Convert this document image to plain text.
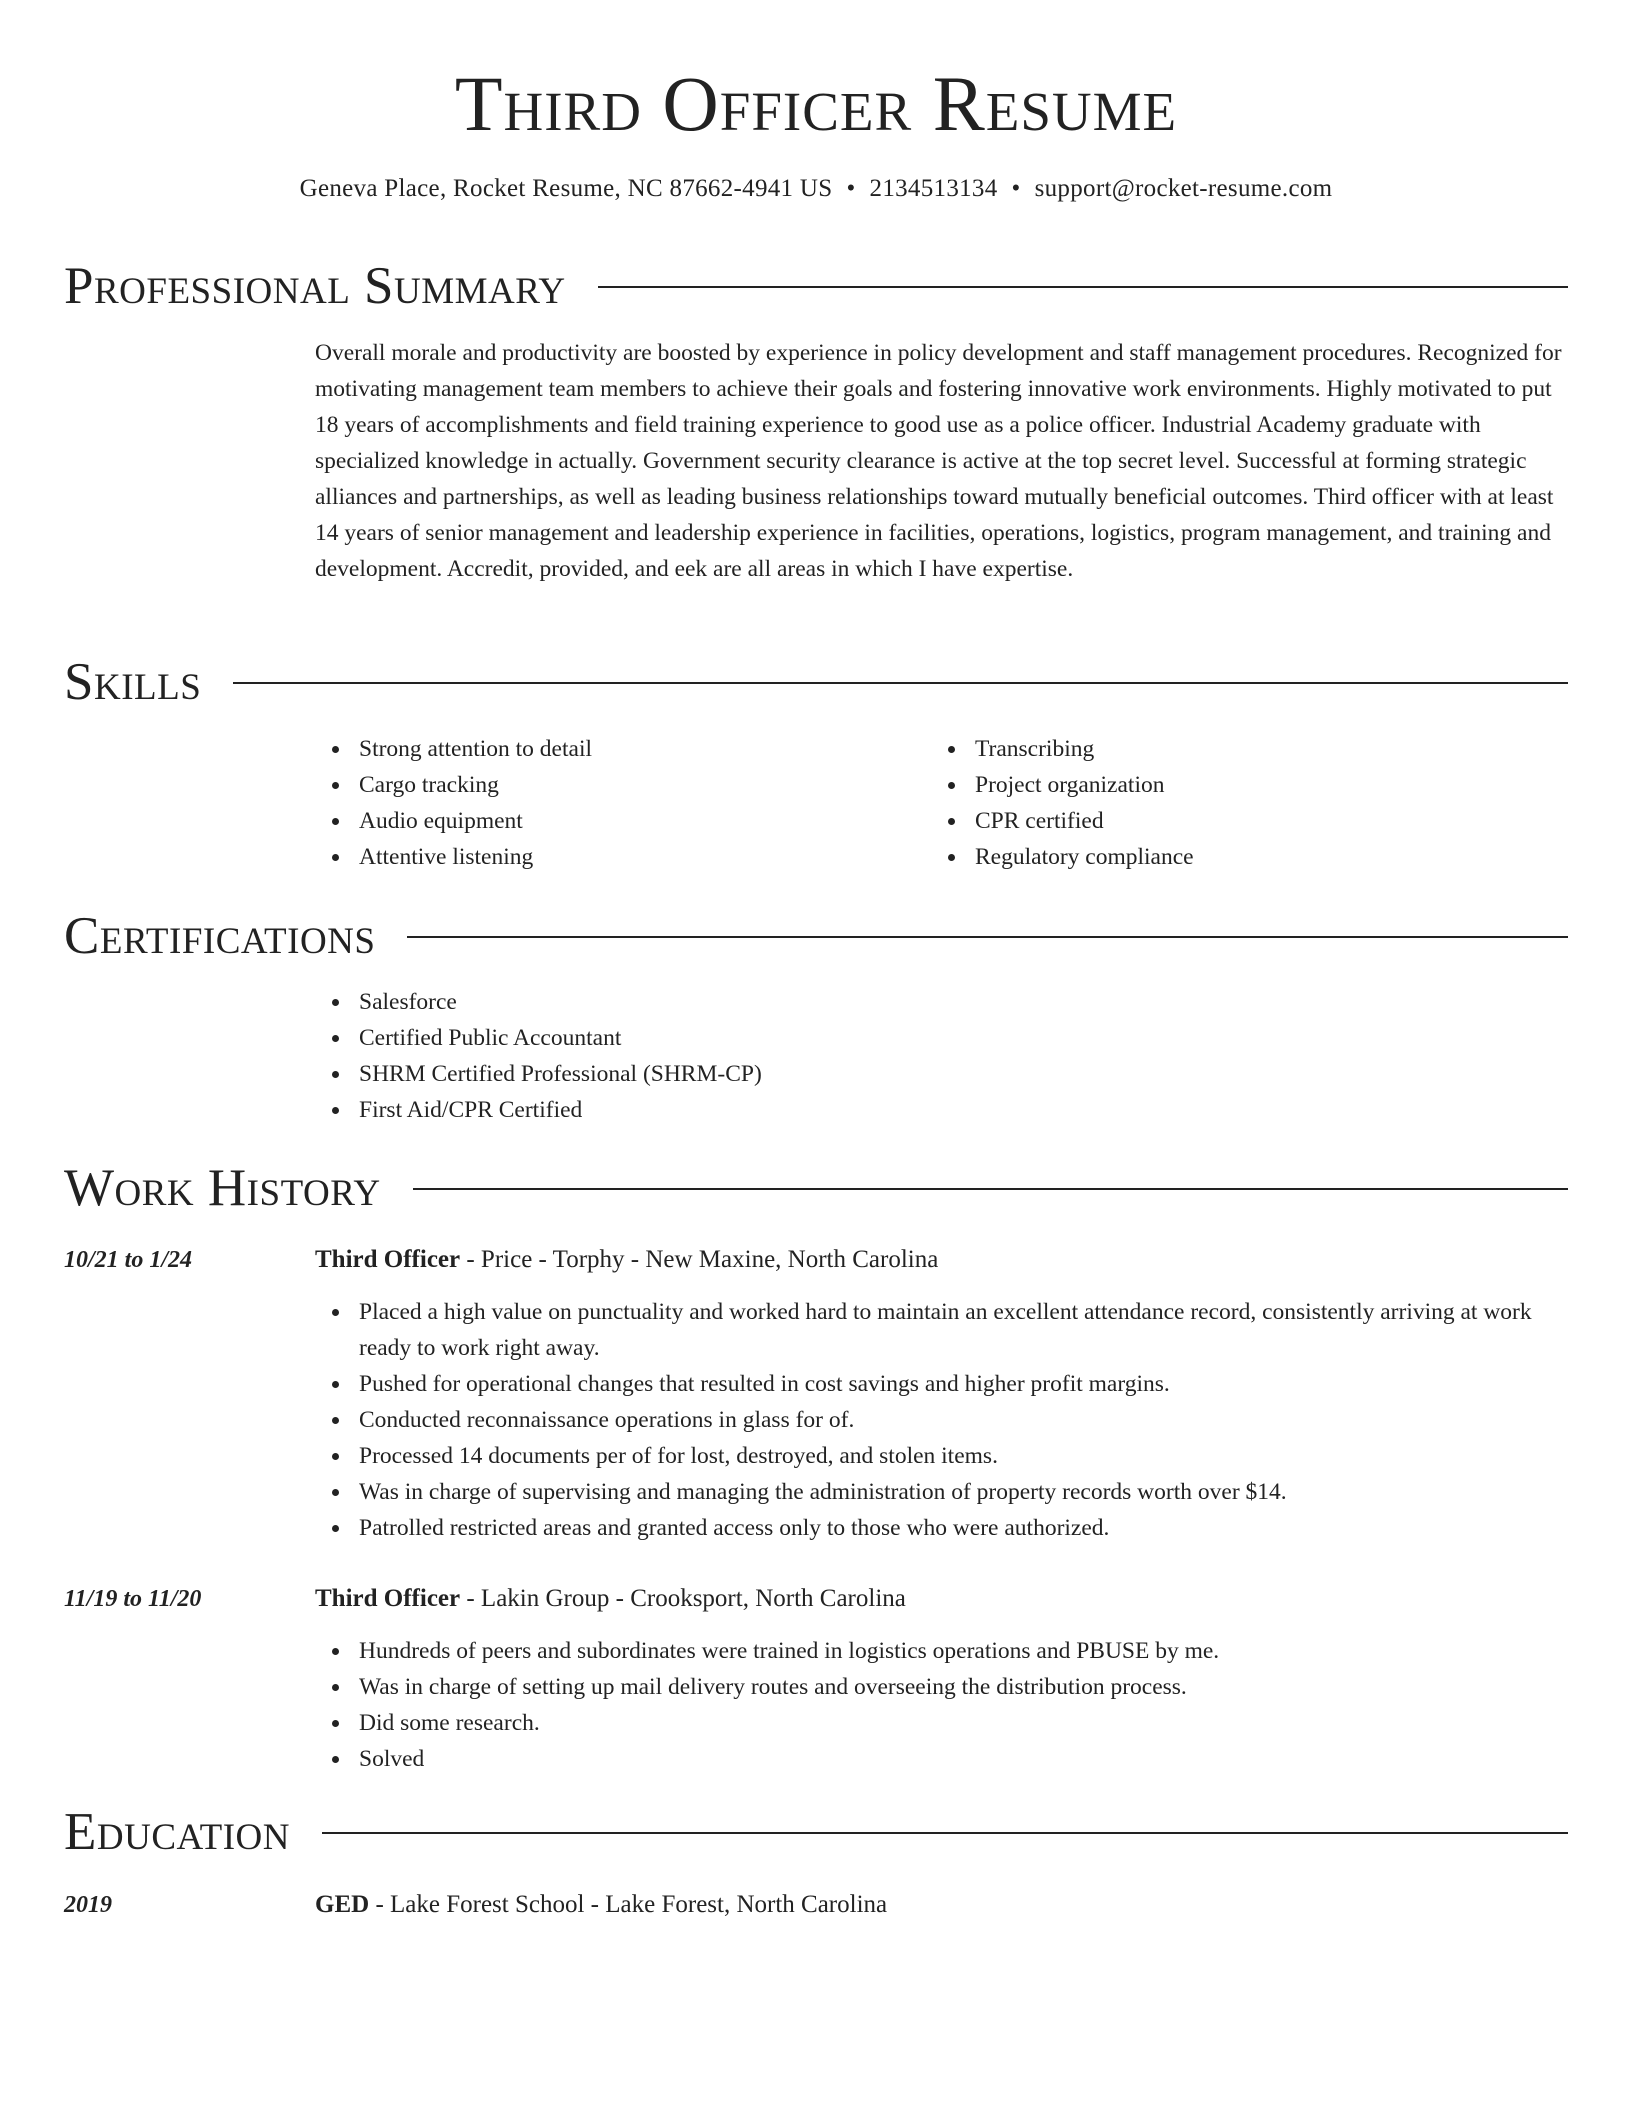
Third Officer Resume
Geneva Place, Rocket Resume, NC 87662-4941 US • 2134513134 • support@rocket-resume.com
Professional Summary
Overall morale and productivity are boosted by experience in policy development and staff management procedures. Recognized for motivating management team members to achieve their goals and fostering innovative work environments. Highly motivated to put 18 years of accomplishments and field training experience to good use as a police officer. Industrial Academy graduate with specialized knowledge in actually. Government security clearance is active at the top secret level. Successful at forming strategic alliances and partnerships, as well as leading business relationships toward mutually beneficial outcomes. Third officer with at least 14 years of senior management and leadership experience in facilities, operations, logistics, program management, and training and development. Accredit, provided, and eek are all areas in which I have expertise.
Skills
Strong attention to detail
Cargo tracking
Audio equipment
Attentive listening
Transcribing
Project organization
CPR certified
Regulatory compliance
Certifications
Salesforce
Certified Public Accountant
SHRM Certified Professional (SHRM-CP)
First Aid/CPR Certified
Work History
10/21 to 1/24	Third Officer - Price - Torphy - New Maxine, North Carolina
Placed a high value on punctuality and worked hard to maintain an excellent attendance record, consistently arriving at work ready to work right away.
Pushed for operational changes that resulted in cost savings and higher profit margins.
Conducted reconnaissance operations in glass for of.
Processed 14 documents per of for lost, destroyed, and stolen items.
Was in charge of supervising and managing the administration of property records worth over $14.
Patrolled restricted areas and granted access only to those who were authorized.
11/19 to 11/20	Third Officer - Lakin Group - Crooksport, North Carolina
Hundreds of peers and subordinates were trained in logistics operations and PBUSE by me.
Was in charge of setting up mail delivery routes and overseeing the distribution process.
Did some research.
Solved
Education
2019	GED - Lake Forest School - Lake Forest, North Carolina
